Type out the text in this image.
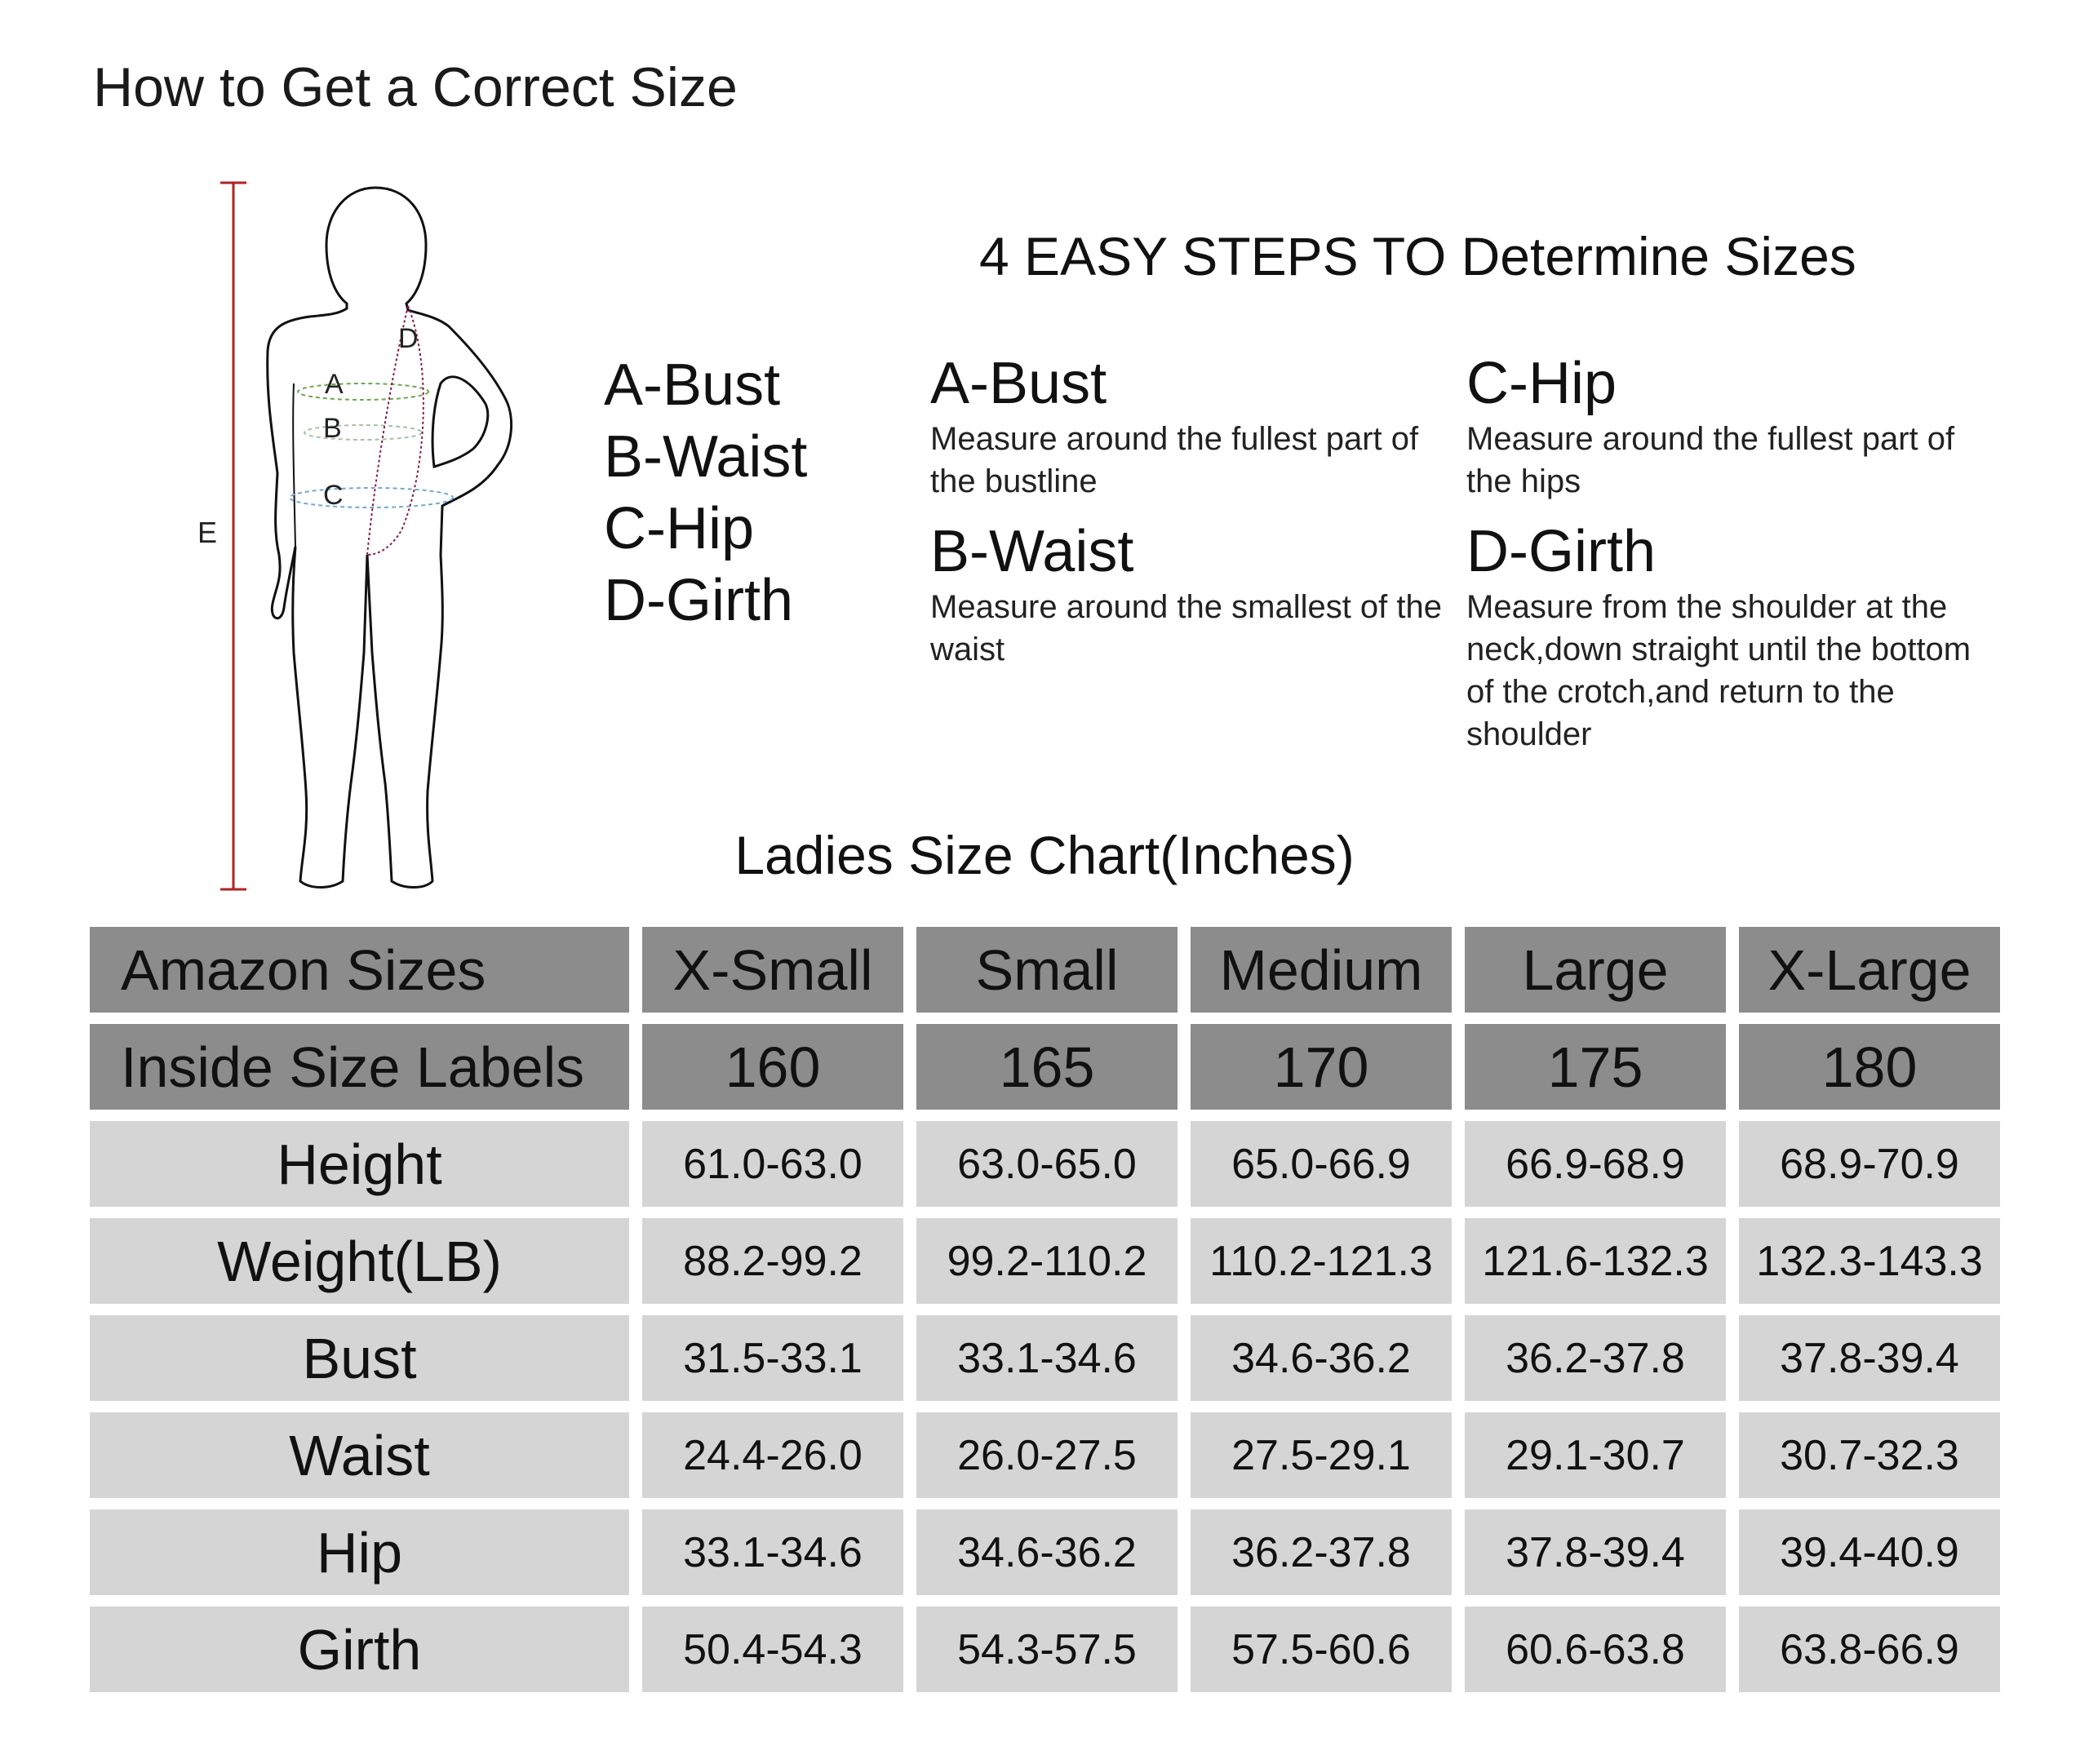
How to Get a Correct Size
E
A
B
C
D
4 EASY STEPS TO Determine Sizes
A-Bust
B-Waist
C-Hip
D-Girth
A-Bust
Measure around the fullest part of the bustline
B-Waist
Measure around the smallest of the waist
C-Hip
Measure around the fullest part of the hips
D-Girth
Measure from the shoulder at the neck,down straight until the bottom of the crotch,and return to the shoulder
Ladies Size Chart(Inches)
Amazon Sizes	X-Small	Small	Medium	Large	X-Large
Inside Size Labels	160	165	170	175	180
Height	61.0-63.0	63.0-65.0	65.0-66.9	66.9-68.9	68.9-70.9
Weight(LB)	88.2-99.2	99.2-110.2	110.2-121.3	121.6-132.3	132.3-143.3
Bust	31.5-33.1	33.1-34.6	34.6-36.2	36.2-37.8	37.8-39.4
Waist	24.4-26.0	26.0-27.5	27.5-29.1	29.1-30.7	30.7-32.3
Hip	33.1-34.6	34.6-36.2	36.2-37.8	37.8-39.4	39.4-40.9
Girth	50.4-54.3	54.3-57.5	57.5-60.6	60.6-63.8	63.8-66.9
